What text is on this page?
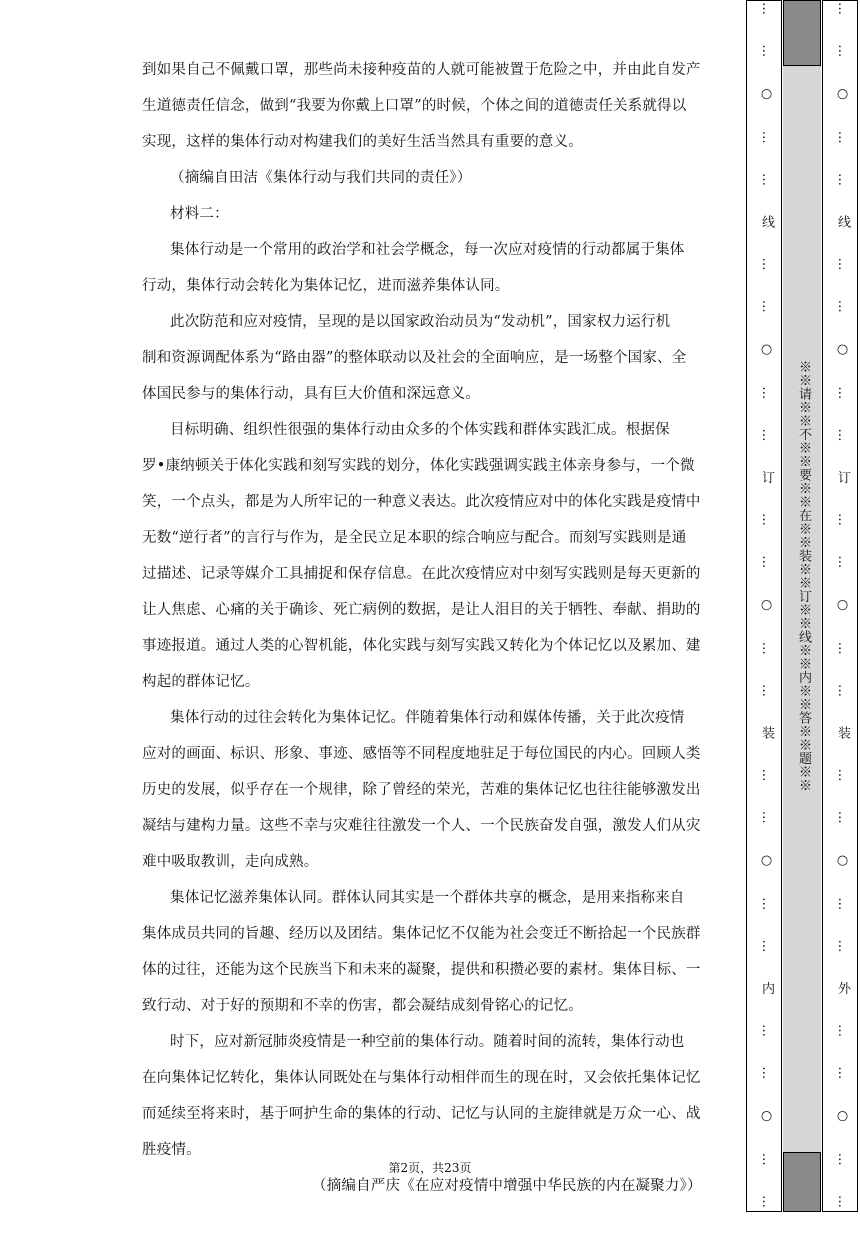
到如果自己不佩戴口罩，那些尚未接种疫苗的人就可能被置于危险之中，并由此自发产
生道德责任信念，做到“我要为你戴上口罩”的时候，个体之间的道德责任关系就得以
实现，这样的集体行动对构建我们的美好生活当然具有重要的意义。
（摘编自田洁《集体行动与我们共同的责任》）
材料二：
集体行动是一个常用的政治学和社会学概念，每一次应对疫情的行动都属于集体
行动，集体行动会转化为集体记忆，进而滋养集体认同。
此次防范和应对疫情，呈现的是以国家政治动员为“发动机”，国家权力运行机
制和资源调配体系为“路由器”的整体联动以及社会的全面响应，是一场整个国家、全
体国民参与的集体行动，具有巨大价值和深远意义。
目标明确、组织性很强的集体行动由众多的个体实践和群体实践汇成。根据保
罗•康纳顿关于体化实践和刻写实践的划分，体化实践强调实践主体亲身参与，一个微
笑，一个点头，都是为人所牢记的一种意义表达。此次疫情应对中的体化实践是疫情中
无数“逆行者”的言行与作为，是全民立足本职的综合响应与配合。而刻写实践则是通
过描述、记录等媒介工具捕捉和保存信息。在此次疫情应对中刻写实践则是每天更新的
让人焦虑、心痛的关于确诊、死亡病例的数据，是让人泪目的关于牺牲、奉献、捐助的
事迹报道。通过人类的心智机能，体化实践与刻写实践又转化为个体记忆以及累加、建
构起的群体记忆。
集体行动的过往会转化为集体记忆。伴随着集体行动和媒体传播，关于此次疫情
应对的画面、标识、形象、事迹、感悟等不同程度地驻足于每位国民的内心。回顾人类
历史的发展，似乎存在一个规律，除了曾经的荣光，苦难的集体记忆也往往能够激发出
凝结与建构力量。这些不幸与灾难往往激发一个人、一个民族奋发自强，激发人们从灾
难中吸取教训，走向成熟。
集体记忆滋养集体认同。群体认同其实是一个群体共享的概念，是用来指称来自
集体成员共同的旨趣、经历以及团结。集体记忆不仅能为社会变迁不断拾起一个民族群
体的过往，还能为这个民族当下和未来的凝聚，提供和积攒必要的素材。集体目标、一
致行动、对于好的预期和不幸的伤害，都会凝结成刻骨铭心的记忆。
时下，应对新冠肺炎疫情是一种空前的集体行动。随着时间的流转，集体行动也
在向集体记忆转化，集体认同既处在与集体行动相伴而生的现在时，又会依托集体记忆
而延续至将来时，基于呵护生命的集体的行动、记忆与认同的主旋律就是万众一心、战
胜疫情。
（摘编自严庆《在应对疫情中增强中华民族的内在凝聚力》）
第2页，共23页	……○……线……○……订……○……装……○……内……○…… ※※请※※不※※要※※在※※装※※订※※线※※内※※答※※题※※ ……○……线……○……订……○……装……○……外……○……
